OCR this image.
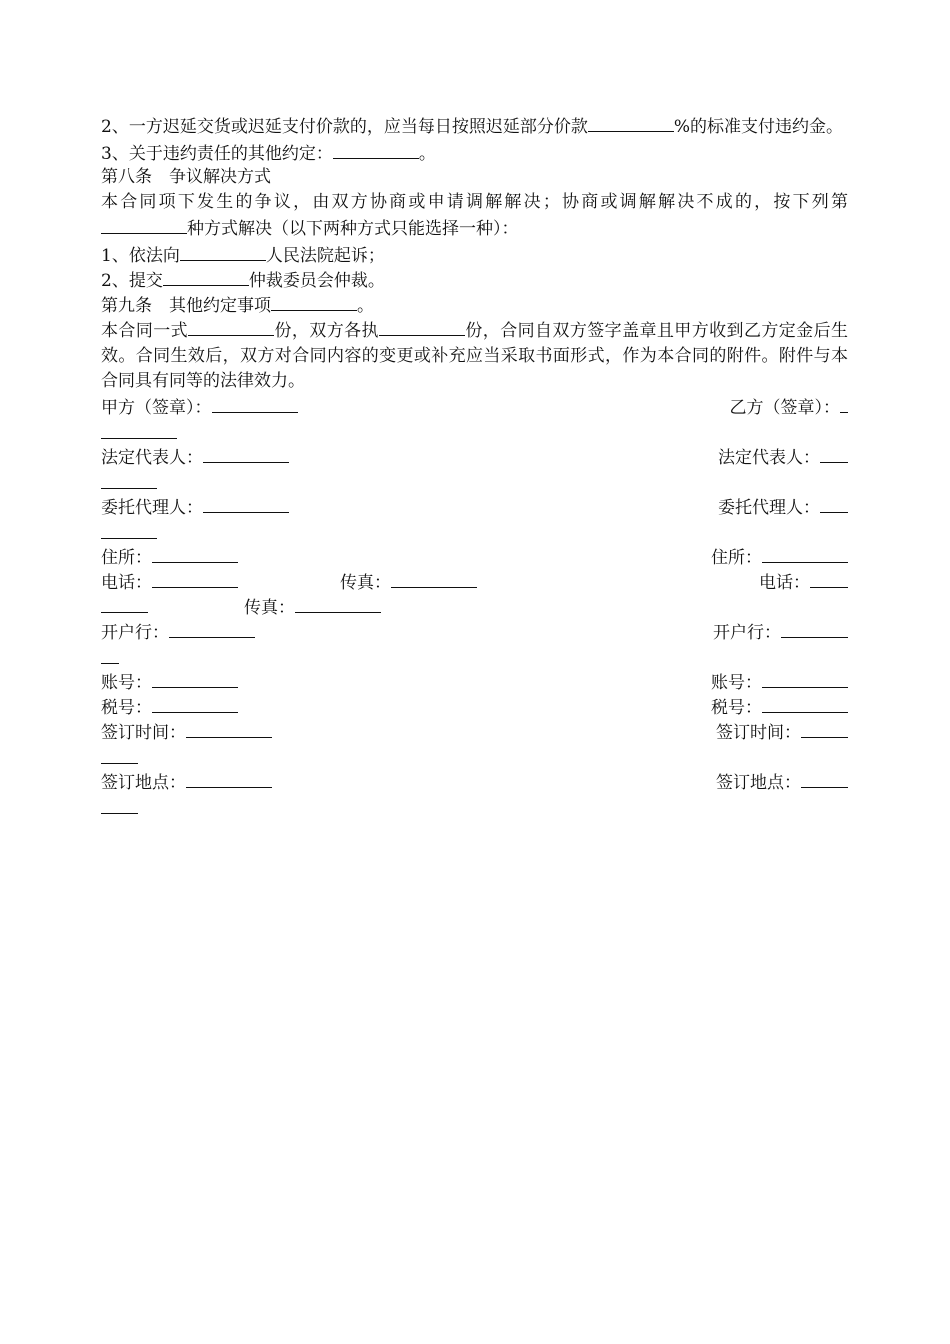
2、一方迟延交货或迟延支付价款的，应当每日按照迟延部分价款	%的标准支付违约金。
3、关于违约责任的其他约定：	。
第八条　争议解决方式
本合同项下发生的争议，由双方协商或申请调解解决；协商或调解解决不成的，按下列第种方式解决（以下两种方式只能选择一种）：
1、依法向	人民法院起诉；
2、提交	仲裁委员会仲裁。
第九条　其他约定事项	。
本合同一式	份，双方各执	份，合同自双方签字盖章且甲方收到乙方定金后生效。合同生效后，双方对合同内容的变更或补充应当采取书面形式，作为本合同的附件。附件与本合同具有同等的法律效力。
甲方（签章）：	乙方（签章）：
法定代表人：	法定代表人：
委托代理人：	委托代理人：
住所：	住所：
电话：	传真：	电话：
传真：
开户行：	开户行：
账号：	账号：
税号：	税号：
签订时间：	签订时间：
签订地点：	签订地点：
